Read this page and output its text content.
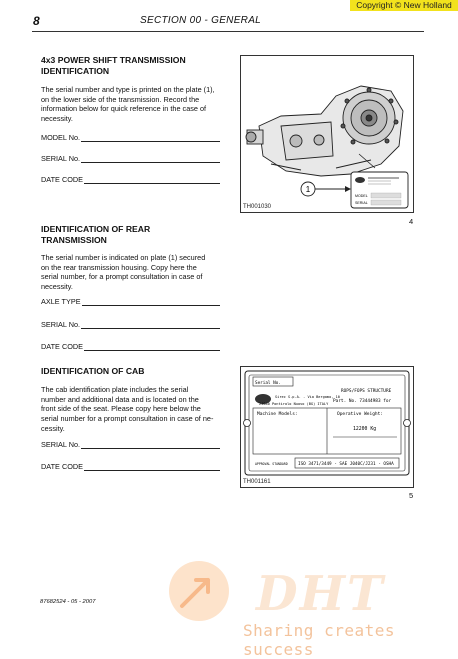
Copyright © New Holland
8	SECTION 00 - GENERAL
4x3 POWER SHIFT TRANSMISSION
IDENTIFICATION
The serial number and type is printed on the plate (1),
on the lower side of the transmission. Record the
information below for quick reference in the case of
necessity.
MODEL No.
SERIAL No.
DATE CODE
1
MODEL
SERIAL
TH001030
4
IDENTIFICATION OF REAR
TRANSMISSION
The serial number is indicated on plate (1) secured
on the rear transmission housing. Copy here the
serial number, for a prompt consultation in case of
necessity.
AXLE TYPE
SERIAL No.
DATE CODE
IDENTIFICATION OF CAB
The cab identification plate includes the serial
number and additional data and is located on the
front side of the seat. Please copy here below the
serial number for a prompt consultation in case of ne-
cessity.
SERIAL No.
DATE CODE
Serial No.
Sirec S.p.A. - Via Bergamo, 10
24040 Pontirolo Nuovo (BG) ITALY
ROPS/FOPS STRUCTURE
Part. No. 73444983 for
Machine Models:	Operative Weight:
12200 Kg
APPROVAL STANDARD ISO 3471/3449 - SAE J040C/J231 - OSHA
TH001161
5
87682524 - 05 - 2007	DHT
Sharing creates success
